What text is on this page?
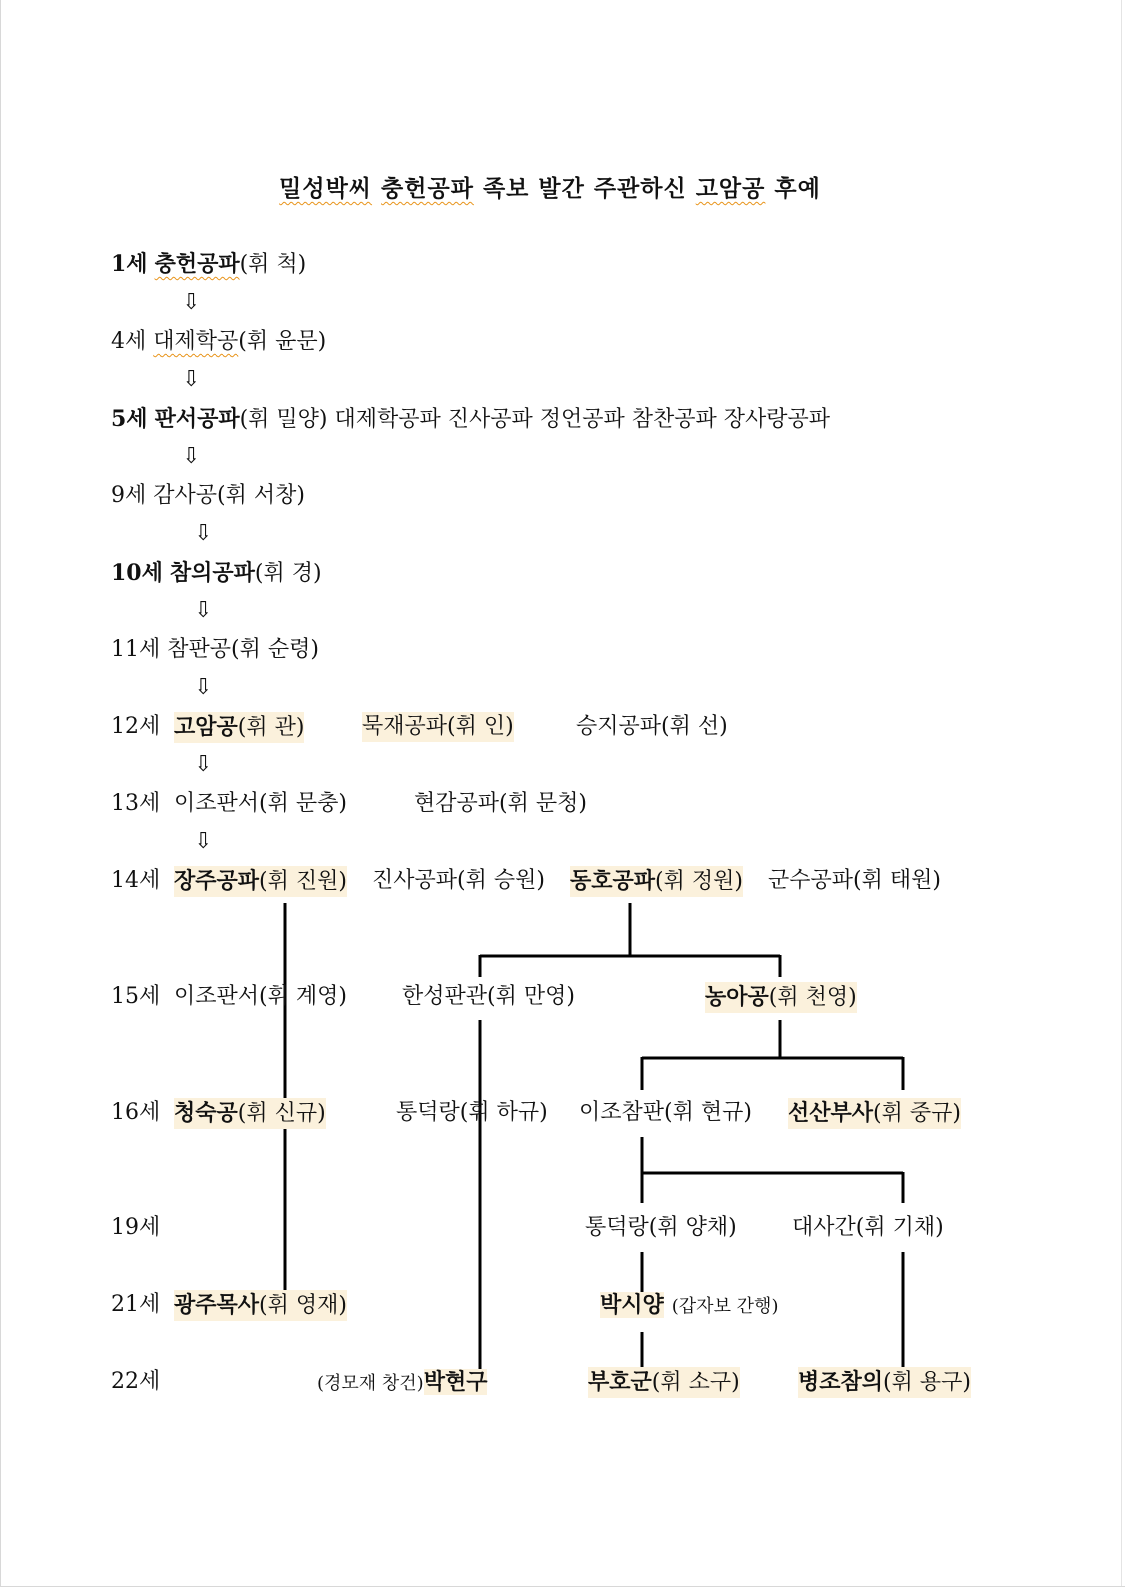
밀성박씨 충헌공파 족보 발간 주관하신 고암공 후예
1세 충헌공파(휘 척)
⇩
4세 대제학공(휘 윤문)
⇩
5세 판서공파(휘 밀양) 대제학공파 진사공파 정언공파 참찬공파 장사랑공파
⇩
9세 감사공(휘 서창)
⇩
10세 참의공파(휘 경)
⇩
11세 참판공(휘 순령)
⇩
12세 고암공(휘 관)	묵재공파(휘 인)	승지공파(휘 선)
⇩
13세 이조판서(휘 문충)	현감공파(휘 문청)
⇩
14세 장주공파(휘 진원) 진사공파(휘 승원) 동호공파(휘 정원) 군수공파(휘 태원)
15세 이조판서(휘 계영)	한성판관(휘 만영)	농아공(휘 천영)
16세 청숙공(휘 신규)	통덕랑(휘 하규) 이조참판(휘 현규) 선산부사(휘 중규)
19세	통덕랑(휘 양채)	대사간(휘 기채)
21세 광주목사(휘 영재)	박시양 (갑자보 간행)
22세	(경모재 창건)박현구	부호군(휘 소구)	병조참의(휘 용구)
